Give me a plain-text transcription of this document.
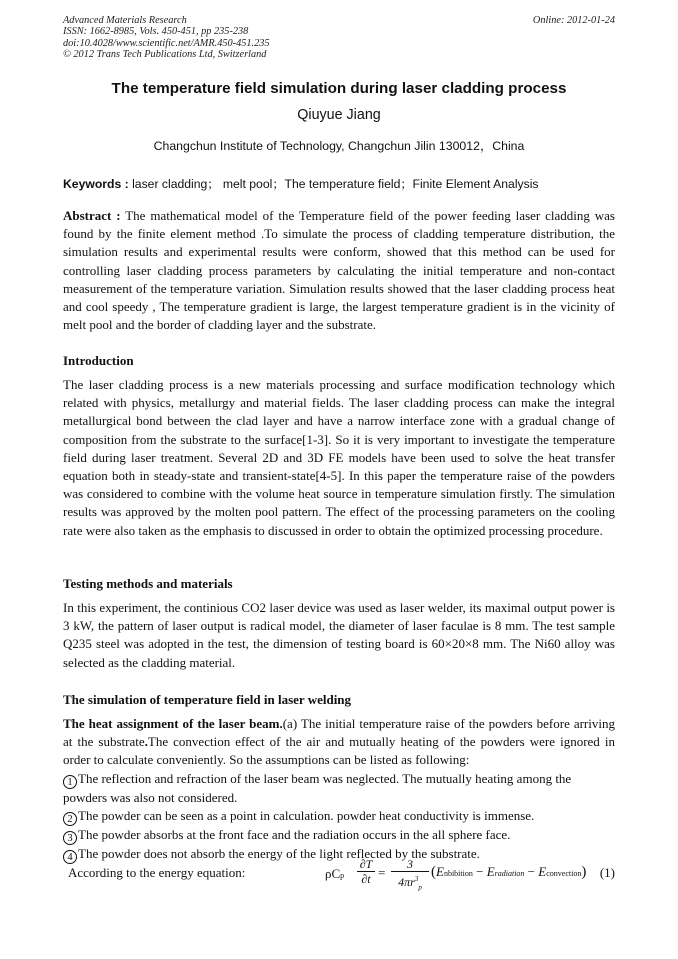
Advanced Materials Research
ISSN: 1662-8985, Vols. 450-451, pp 235-238
doi:10.4028/www.scientific.net/AMR.450-451.235
© 2012 Trans Tech Publications Ltd, Switzerland
Online: 2012-01-24
The temperature field simulation during laser cladding process
Qiuyue Jiang
Changchun Institute of Technology, Changchun Jilin 130012，China
Keywords : laser cladding； melt pool；The temperature field；Finite Element Analysis
Abstract : The mathematical model of the Temperature field of the power feeding laser cladding was found by the finite element method .To simulate the process of cladding temperature distribution, the simulation results and experimental results were conform, showed that this method can be used for controlling laser cladding process parameters by calculating the initial temperature and non-contact measurement of the temperature variation. Simulation results showed that the laser cladding process heat and cool speedy , The temperature gradient is large, the largest temperature gradient is in the vicinity of melt pool and the border of cladding layer and the substrate.
Introduction
The laser cladding process is a new materials processing and surface modification technology which related with physics, metallurgy and material fields. The laser cladding process can make the integral metallurgical bond between the clad layer and have a narrow interface zone with a gradual change of composition from the substrate to the surface[1-3]. So it is very important to investigate the temperature field during laser treatment. Several 2D and 3D FE models have been used to solve the heat transfer equation both in steady-state and transient-state[4-5]. In this paper the temperature raise of the powders was considered to combine with the volume heat source in temperature simulation firstly. The simulation results was approved by the molten pool pattern. The effect of the processing parameters on the cooling rate were also taken as the emphasis to discussed in order to obtain the optimized processing procedure.
Testing methods and materials
In this experiment, the continious CO2 laser device was used as laser welder, its maximal output power is 3 kW, the pattern of laser output is radical model, the diameter of laser faculae is 8 mm. The test sample Q235 steel was adopted in the test, the dimension of testing board is 60×20×8 mm. The Ni60 alloy was selected as the cladding material.
The simulation of temperature field in laser welding
The heat assignment of the laser beam.(a) The initial temperature raise of the powders before arriving at the substrate.The convection effect of the air and mutually heating of the powders were ignored in order to calculate conveniently. So the assumptions can be listed as following:
1 The reflection and refraction of the laser beam was neglected. The mutually heating among the powders was also not considered.
2 The powder can be seen as a point in calculation. powder heat conductivity is immense.
3 The powder absorbs at the front face and the radiation occurs in the all sphere face.
4 The powder does not absorb the energy of the light reflected by the substrate.
According to the energy equation:	ρCp
∂T
∂t =
3
$4\pi r^3_p$
(Enbibition − Eradiation − Econvection) (1)
